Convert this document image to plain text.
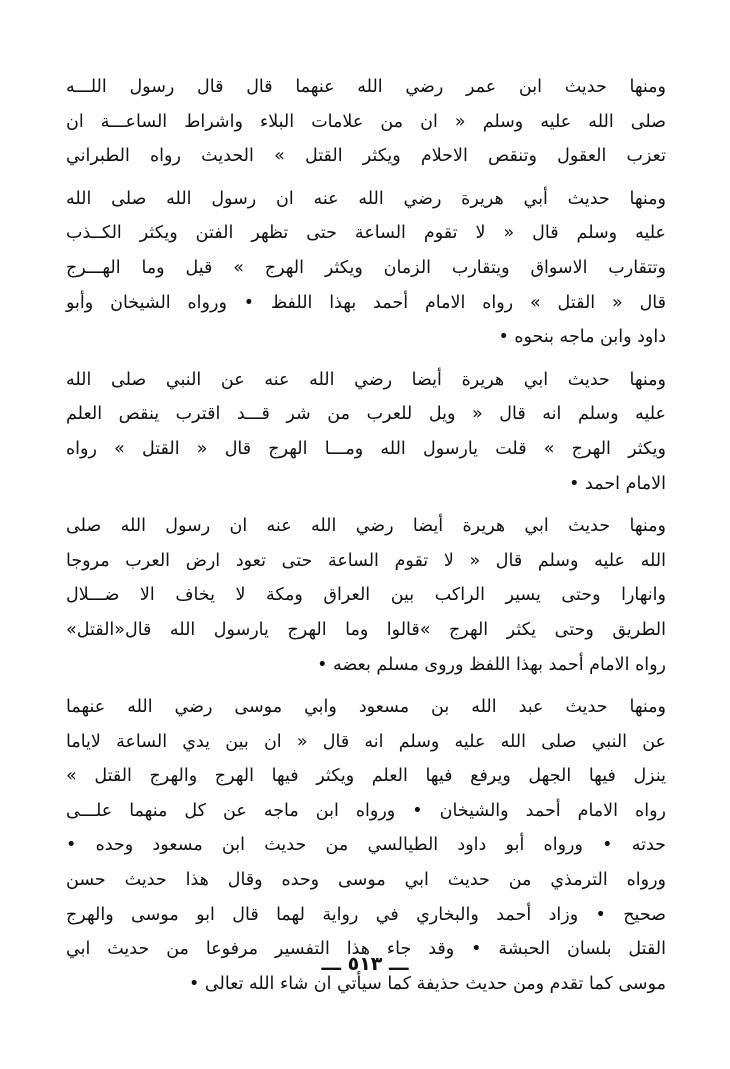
ومنها حديث ابن عمر رضي الله عنهما قال قال رسول اللـــه
صلى الله عليه وسلم « ان من علامات البلاء واشراط الساعـــة ان
تعزب العقول وتنقص الاحلام ويكثر القتل » الحديث رواه الطبراني
ومنها حديث أبي هريرة رضي الله عنه ان رسول الله صلى الله
عليه وسلم قال « لا تقوم الساعة حتى تظهر الفتن ويكثر الكــذب
وتتقارب الاسواق ويتقارب الزمان ويكثر الهرج » قيل وما الهـــرج
قال « القتل » رواه الامام أحمد بهذا اللفظ • ورواه الشيخان وأبو
داود وابن ماجه بنحوه •
ومنها حديث ابي هريرة أيضا رضي الله عنه عن النبي صلى الله
عليه وسلم انه قال « ويل للعرب من شر قـــد اقترب ينقص العلم
ويكثر الهرج » قلت يارسول الله ومـــا الهرج قال « القتل » رواه
الامام احمد •
ومنها حديث ابي هريرة أيضا رضي الله عنه ان رسول الله صلى
الله عليه وسلم قال « لا تقوم الساعة حتى تعود ارض العرب مروجا
وانهارا وحتى يسير الراكب بين العراق ومكة لا يخاف الا ضـــلال
الطريق وحتى يكثر الهرج »قالوا وما الهرج يارسول الله قال«القتل»
رواه الامام أحمد بهذا اللفظ وروى مسلم بعضه •
ومنها حديث عبد الله بن مسعود وابي موسى رضي الله عنهما
عن النبي صلى الله عليه وسلم انه قال « ان بين يدي الساعة لاياما
ينزل فيها الجهل ويرفع فيها العلم ويكثر فيها الهرج والهرج القتل »
رواه الامام أحمد والشيخان • ورواه ابن ماجه عن كل منهما علـــى
حدته • ورواه أبو داود الطيالسي من حديث ابن مسعود وحده •
ورواه الترمذي من حديث ابي موسى وحده وقال هذا حديث حسن
صحيح • وزاد أحمد والبخاري في رواية لهما قال ابو موسى والهرج
القتل بلسان الحبشة • وقد جاء هذا التفسير مرفوعا من حديث ابي
موسى كما تقدم ومن حديث حذيفة كما سيأتي ان شاء الله تعالى •
ـــ ٥١٣ ـــ
